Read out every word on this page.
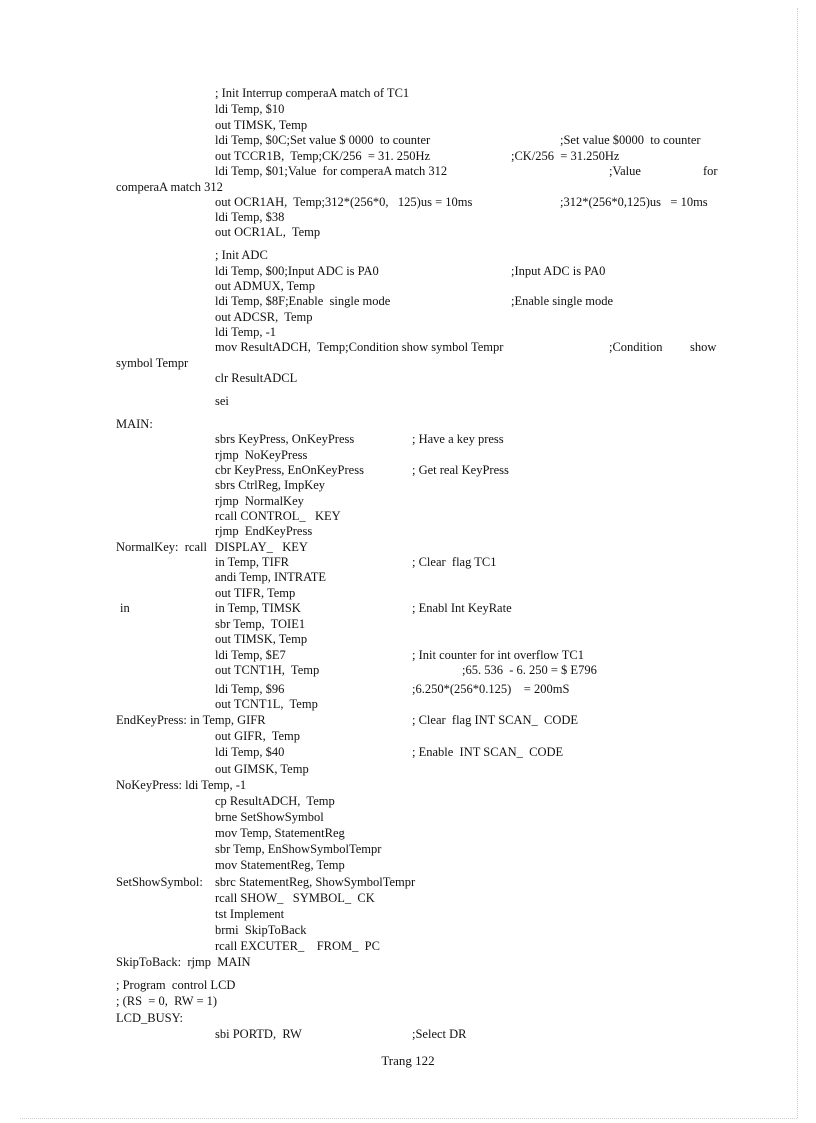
; Init Interrup comperaA match of TC1
ldi Temp, $10
out TIMSK, Temp
ldi Temp, $0C;Set value $ 0000  to counter	;Set value $0000  to counter
out TCCR1B,  Temp;CK/256  = 31. 250Hz	;CK/256  = 31.250Hz
ldi Temp, $01;Value  for comperaA match 312	;Value	for
comperaA match 312
out OCR1AH,  Temp;312*(256*0,   125)us = 10ms	;312*(256*0,125)us   = 10ms
ldi Temp, $38
out OCR1AL,  Temp
; Init ADC
ldi Temp, $00;Input ADC is PA0	;Input ADC is PA0
out ADMUX, Temp
ldi Temp, $8F;Enable  single mode	;Enable single mode
out ADCSR,  Temp
ldi Temp, -1
mov ResultADCH,  Temp;Condition show symbol Tempr	;Condition show
symbol Tempr
clr ResultADCL
sei
MAIN:
sbrs KeyPress, OnKeyPress	; Have a key press
rjmp  NoKeyPress
cbr KeyPress, EnOnKeyPress	; Get real KeyPress
sbrs CtrlReg, ImpKey
rjmp  NormalKey
rcall CONTROL_   KEY
rjmp  EndKeyPress
NormalKey:  rcall DISPLAY_   KEY
in Temp, TIFR	; Clear  flag TC1
andi Temp, INTRATE
out TIFR, Temp
in	in Temp, TIMSK	; Enabl Int KeyRate
sbr Temp,  TOIE1
out TIMSK, Temp
ldi Temp, $E7	; Init counter for int overflow TC1
out TCNT1H,  Temp	;65. 536  - 6. 250 = $ E796
ldi Temp, $96	;6.250*(256*0.125)    = 200mS
out TCNT1L,  Temp
EndKeyPress: in Temp, GIFR	; Clear  flag INT SCAN_  CODE
out GIFR,  Temp
ldi Temp, $40	; Enable  INT SCAN_  CODE
out GIMSK, Temp
NoKeyPress: ldi Temp, -1
cp ResultADCH,  Temp
brne SetShowSymbol
mov Temp, StatementReg
sbr Temp, EnShowSymbolTempr
mov StatementReg, Temp
SetShowSymbol: sbrc StatementReg, ShowSymbolTempr
rcall SHOW_   SYMBOL_  CK
tst Implement
brmi  SkipToBack
rcall EXCUTER_    FROM_  PC
SkipToBack:  rjmp  MAIN
; Program  control LCD
; (RS  = 0,  RW = 1)
LCD_BUSY:
sbi PORTD,  RW	;Select DR
Trang 122
